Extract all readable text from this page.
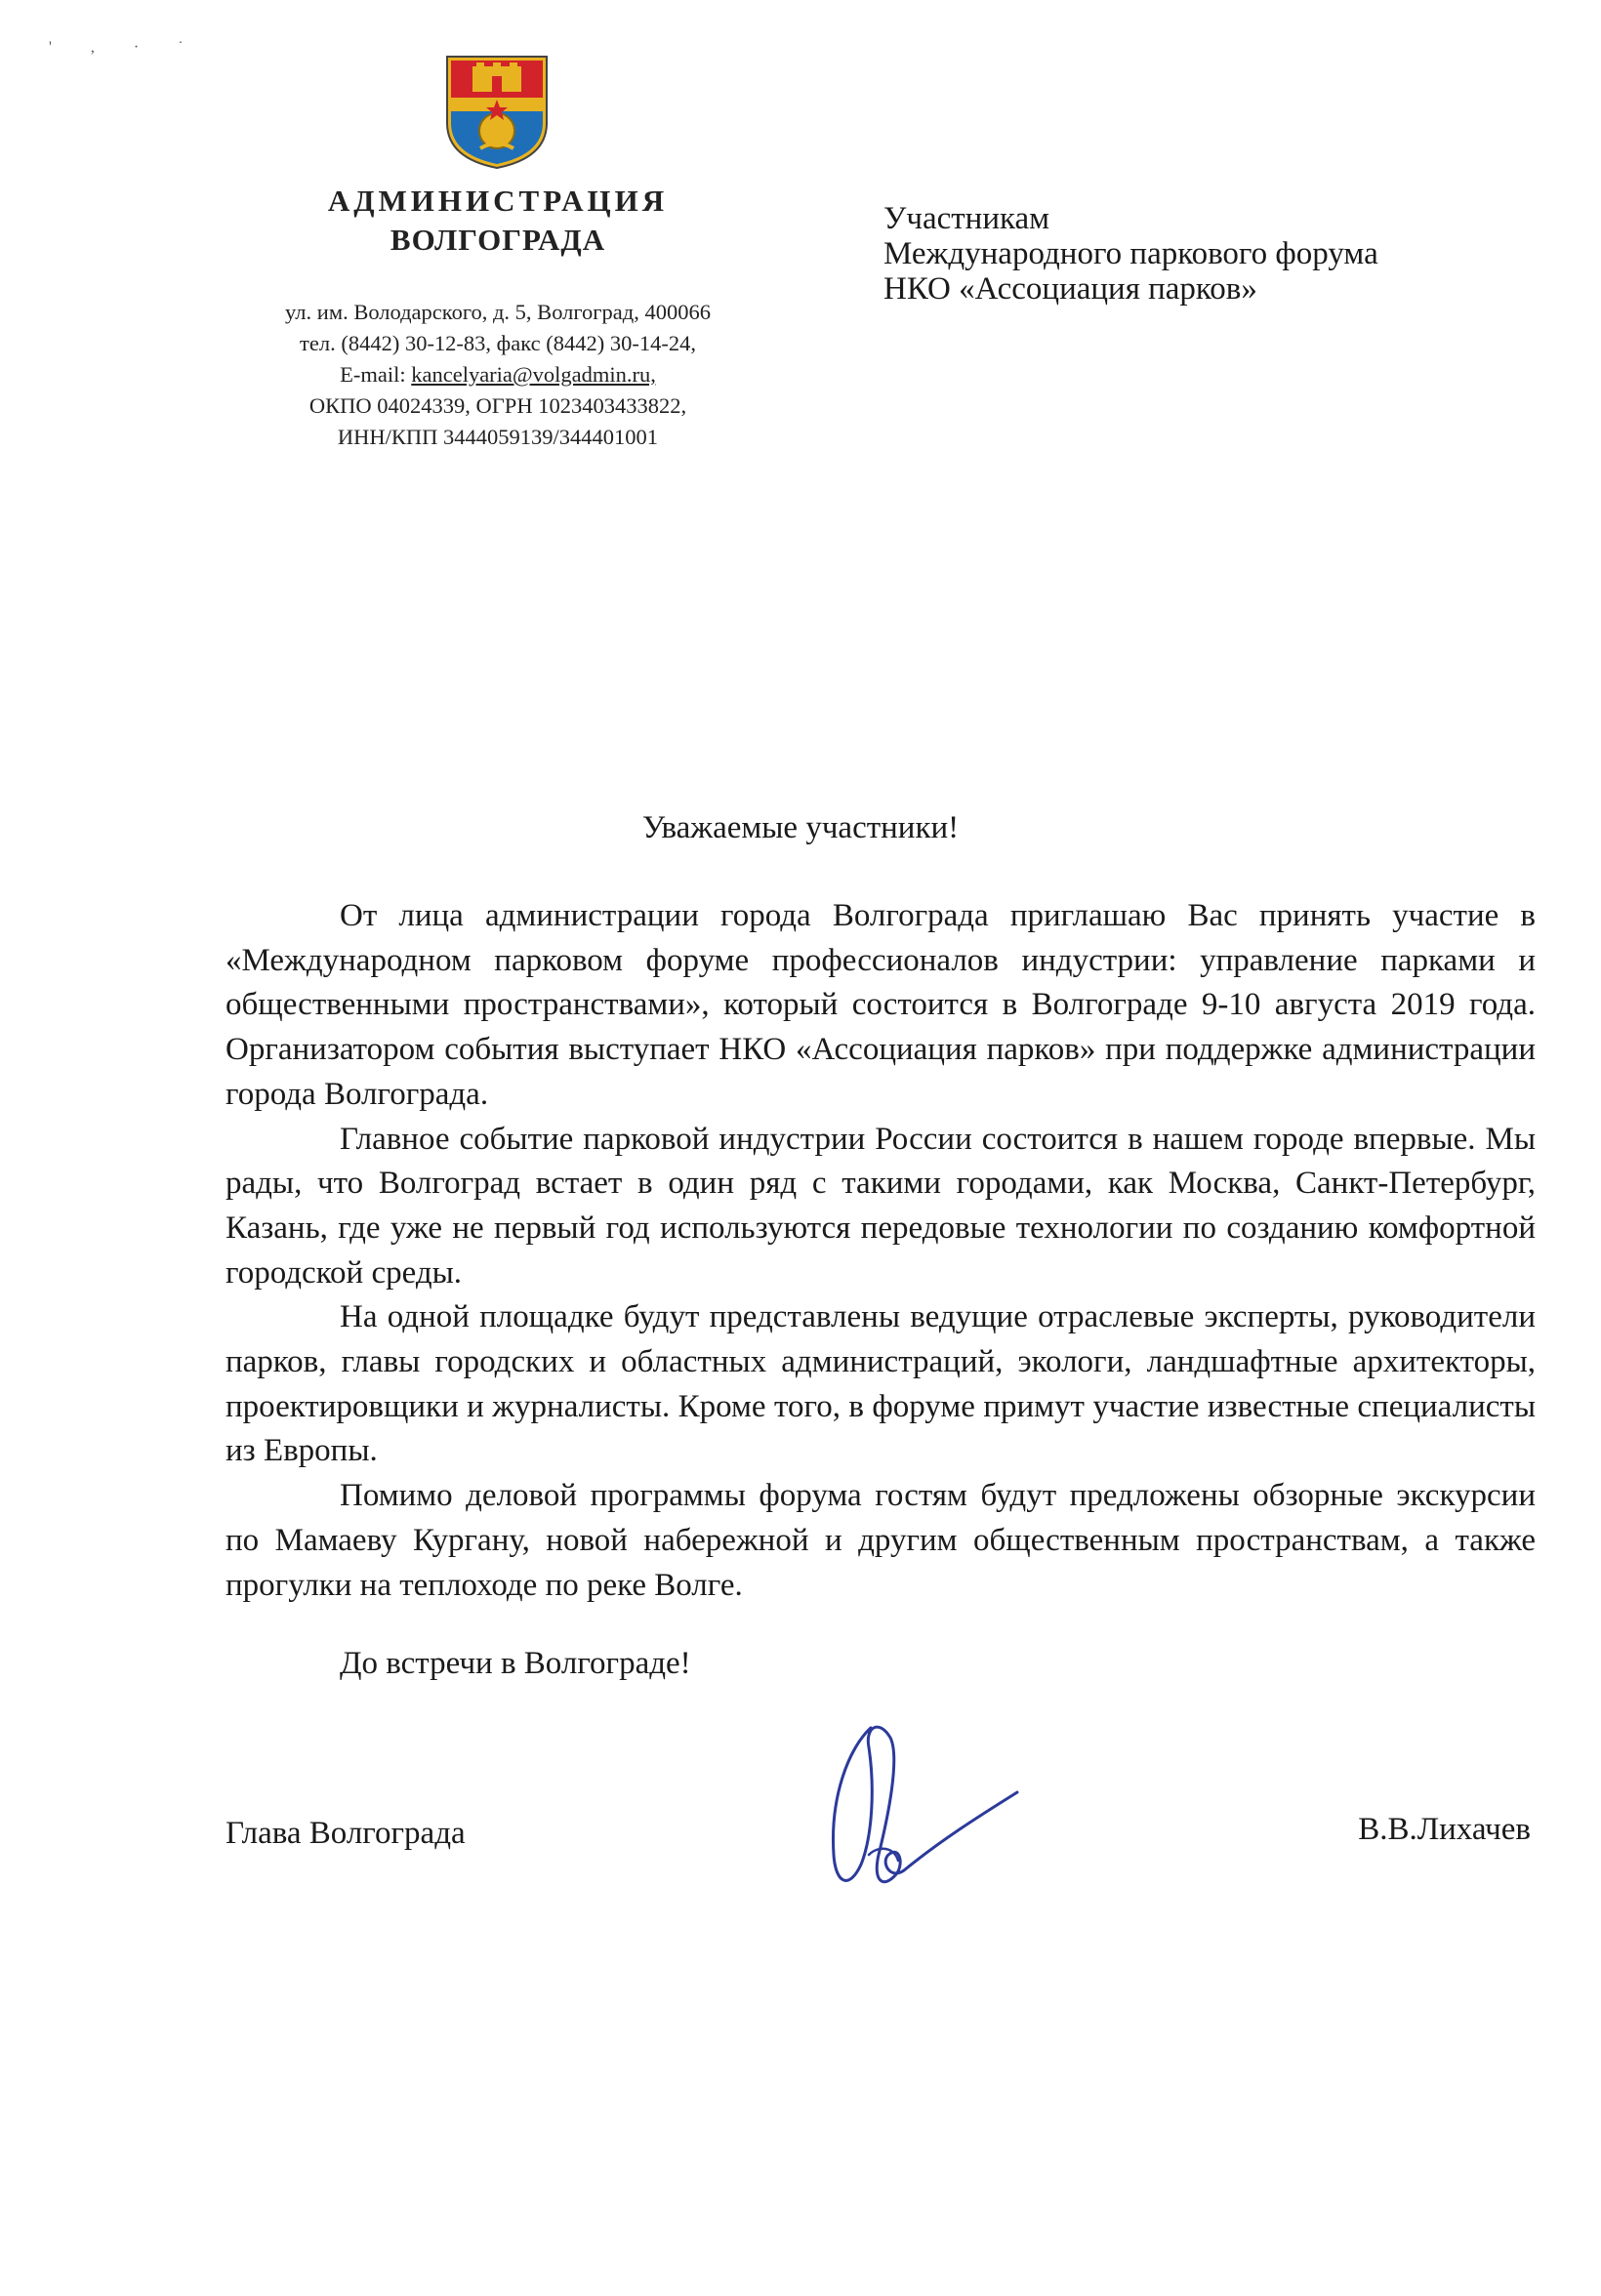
' , · ˙
АДМИНИСТРАЦИЯ
ВОЛГОГРАДА
ул. им. Володарского, д. 5, Волгоград, 400066
тел. (8442) 30-12-83, факс (8442) 30-14-24,
E-mail: kancelyaria@volgadmin.ru,
ОКПО 04024339, ОГРН 1023403433822,
ИНН/КПП 3444059139/344401001
Участникам
Международного паркового форума
НКО «Ассоциация парков»
Уважаемые участники!

От лица администрации города Волгограда приглашаю Вас принять участие в «Международном парковом форуме профессионалов индустрии: управление парками и общественными пространствами», который состоится в Волгограде 9-10 августа 2019 года. Организатором события выступает НКО «Ассоциация парков» при поддержке администрации города Волгограда.

Главное событие парковой индустрии России состоится в нашем городе впервые. Мы рады, что Волгоград встает в один ряд с такими городами, как Москва, Санкт-Петербург, Казань, где уже не первый год используются передовые технологии по созданию комфортной городской среды.

На одной площадке будут представлены ведущие отраслевые эксперты, руководители парков, главы городских и областных администраций, экологи, ландшафтные архитекторы, проектировщики и журналисты. Кроме того, в форуме примут участие известные специалисты из Европы.

Помимо деловой программы форума гостям будут предложены обзорные экскурсии по Мамаеву Кургану, новой набережной и другим общественным пространствам, а также прогулки на теплоходе по реке Волге.

До встречи в Волгограде!
Глава Волгограда	В.В.Лихачев
